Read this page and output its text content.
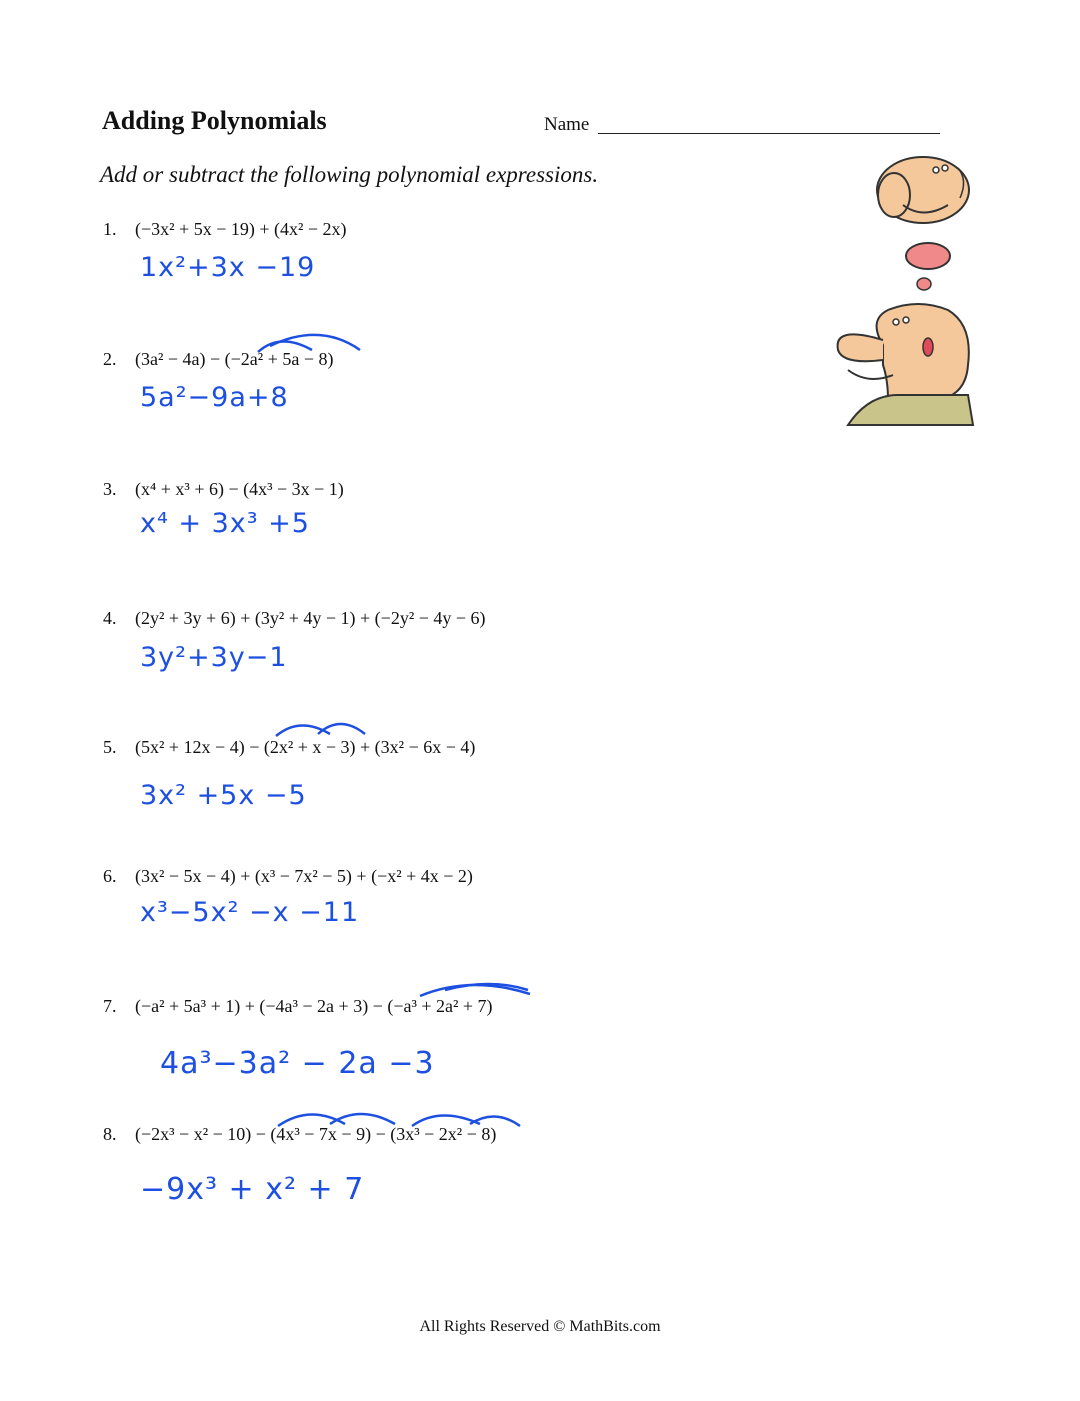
Adding Polynomials	Name
Add or subtract the following polynomial expressions.
1. (−3x² + 5x − 19) + (4x² − 2x)
1x²+3x −19
2. (3a² − 4a) − (−2a² + 5a − 8)
5a²−9a+8
3. (x⁴ + x³ + 6) − (4x³ − 3x − 1)
x⁴ + 3x³ +5
4. (2y² + 3y + 6) + (3y² + 4y − 1) + (−2y² − 4y − 6)
3y²+3y−1
5. (5x² + 12x − 4) − (2x² + x − 3) + (3x² − 6x − 4)
3x² +5x −5
6. (3x² − 5x − 4) + (x³ − 7x² − 5) + (−x² + 4x − 2)
x³−5x² −x −11
7. (−a² + 5a³ + 1) + (−4a³ − 2a + 3) − (−a³ + 2a² + 7)
4a³−3a² − 2a −3
8. (−2x³ − x² − 10) − (4x³ − 7x − 9) − (3x³ − 2x² − 8)
−9x³ + x² + 7
All Rights Reserved © MathBits.com
